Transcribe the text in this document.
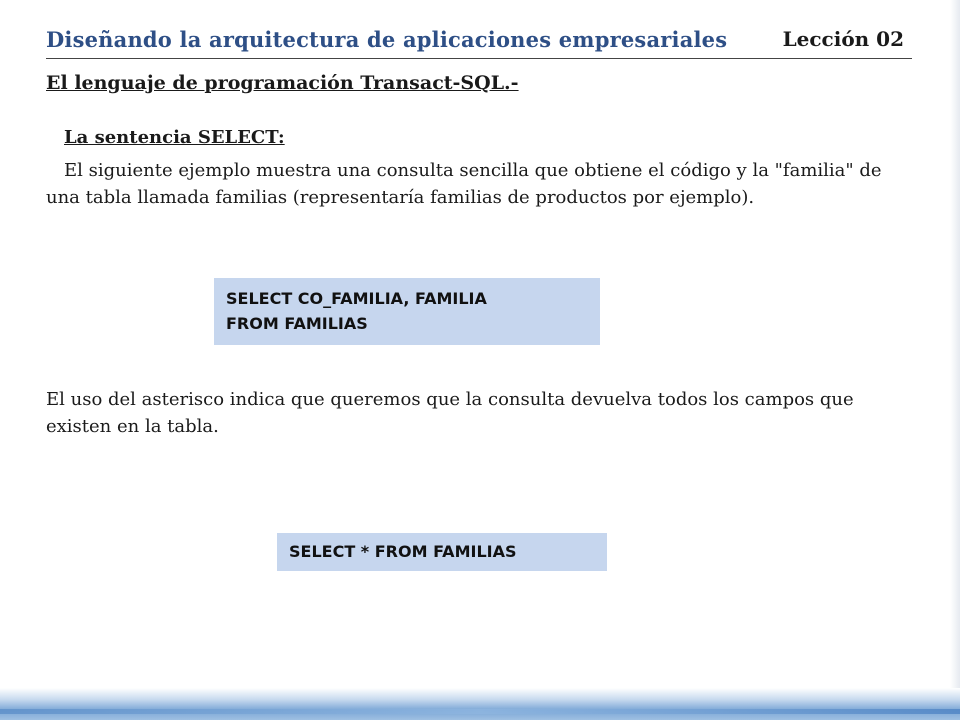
Diseñando la arquitectura de aplicaciones empresariales	Lección 02
El lenguaje de programación Transact-SQL.-
La sentencia SELECT:
El siguiente ejemplo muestra una consulta sencilla que obtiene el código y la "familia" de una tabla llamada familias (representaría familias de productos por ejemplo).
SELECT CO_FAMILIA, FAMILIA
FROM FAMILIAS
El uso del asterisco indica que queremos que la consulta devuelva todos los campos que existen en la tabla.
SELECT * FROM FAMILIAS
